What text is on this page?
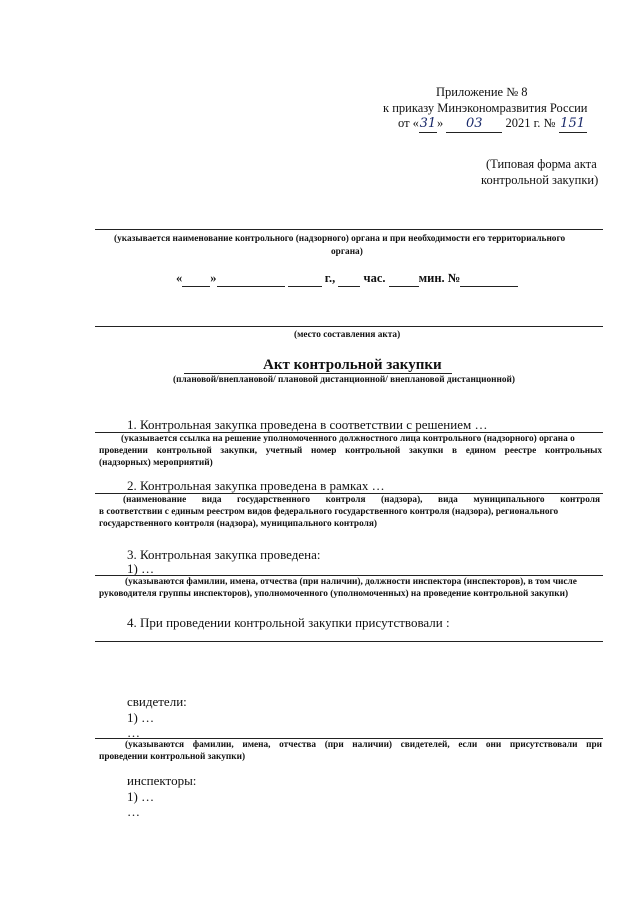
Приложение № 8
к приказу Минэкономразвития России
от «31» 03 2021 г. № 151
(Типовая форма акта
контрольной закупки)
(указывается наименование контрольного (надзорного) органа и при необходимости его территориального
органа)
« »	г., час.	мин. №
(место составления акта)
Акт контрольной закупки
(плановой/внеплановой/ плановой дистанционной/ внеплановой дистанционной)
1. Контрольная закупка проведена в соответствии с решением …
(указывается ссылка на решение уполномоченного должностного лица контрольного (надзорного) органа о
проведении контрольной закупки, учетный номер контрольной закупки в едином реестре контрольных
(надзорных) мероприятий)
2. Контрольная закупка проведена в рамках …
(наименование вида государственного контроля (надзора), вида муниципального контроля
в соответствии с единым реестром видов федерального государственного контроля (надзора), регионального
государственного контроля (надзора), муниципального контроля)
3. Контрольная закупка проведена:
1) …
(указываются фамилии, имена, отчества (при наличии), должности инспектора (инспекторов), в том числе
руководителя группы инспекторов), уполномоченного (уполномоченных) на проведение контрольной закупки)
4. При проведении контрольной закупки присутствовали :
свидетели:
1) …
…
(указываются фамилии, имена, отчества (при наличии) свидетелей, если они присутствовали при
проведении контрольной закупки)
инспекторы:
1) …
…
